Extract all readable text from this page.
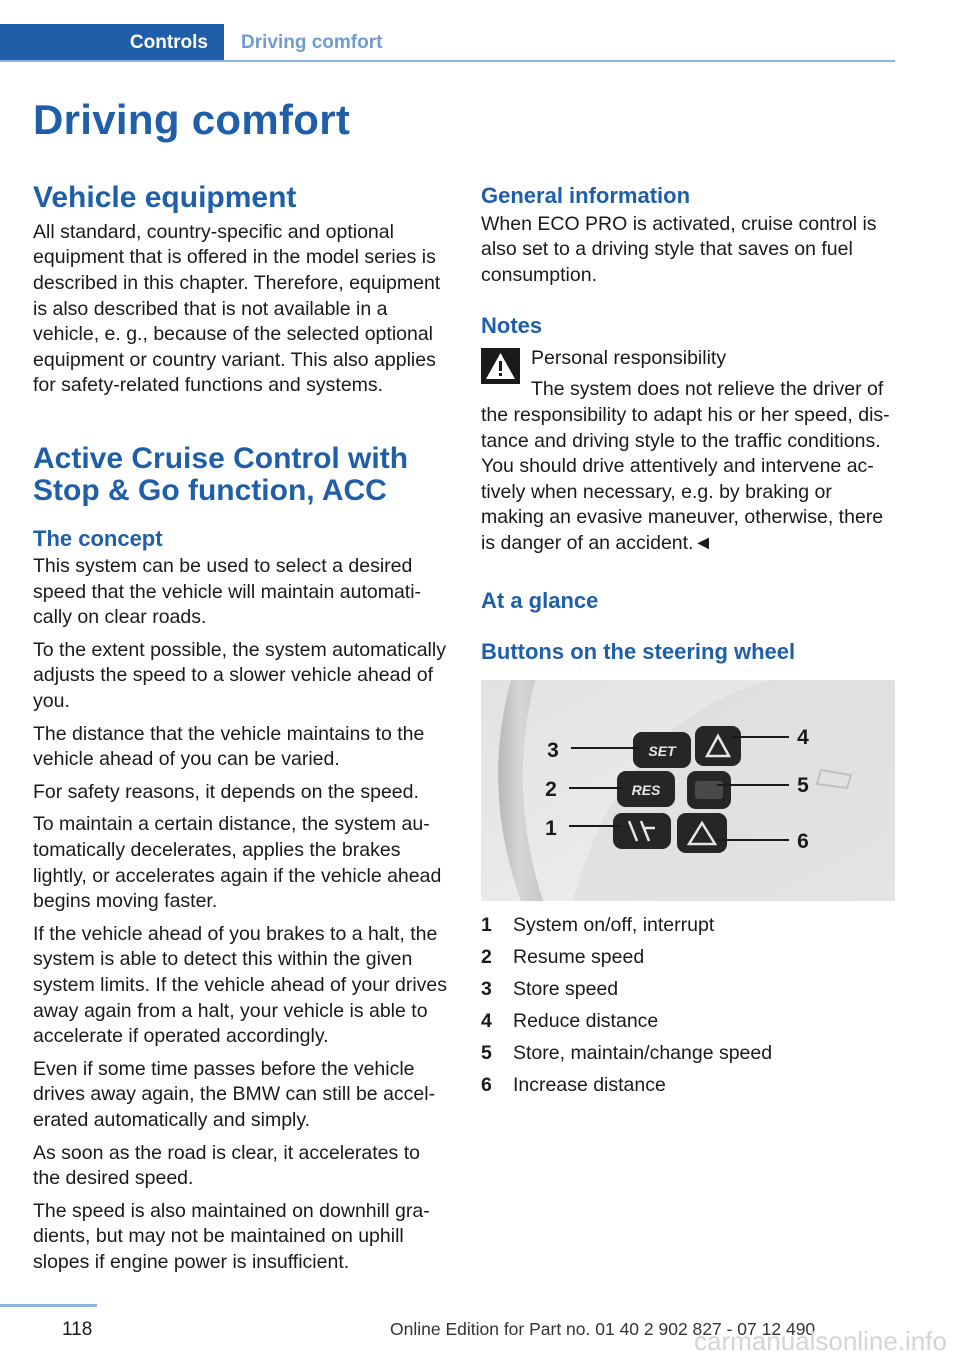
Controls	Driving comfort
Driving comfort
Vehicle equipment

All standard, country-specific and optional equipment that is offered in the model series is described in this chapter. Therefore, equipment is also described that is not available in a vehicle, e. g., because of the selected optional equipment or country variant. This also applies for safety-related functions and systems.

Active Cruise Control with Stop & Go function, ACC
The concept

This system can be used to select a desired speed that the vehicle will maintain automatically on clear roads.

To the extent possible, the system automatically adjusts the speed to a slower vehicle ahead of you.

The distance that the vehicle maintains to the vehicle ahead of you can be varied.

For safety reasons, it depends on the speed.

To maintain a certain distance, the system automatically decelerates, applies the brakes lightly, or accelerates again if the vehicle ahead begins moving faster.

If the vehicle ahead of you brakes to a halt, the system is able to detect this within the given system limits. If the vehicle ahead of your drives away again from a halt, your vehicle is able to accelerate if operated accordingly.

Even if some time passes before the vehicle drives away again, the BMW can still be accelerated automatically and simply.

As soon as the road is clear, it accelerates to the desired speed.

The speed is also maintained on downhill gradients, but may not be maintained on uphill slopes if engine power is insufficient.

General information

When ECO PRO is activated, cruise control is also set to a driving style that saves on fuel consumption.

Notes

Personal responsibility

The system does not relieve the driver of

the responsibility to adapt his or her speed, distance and driving style to the traffic conditions. You should drive attentively and intervene actively when necessary, e.g. by braking or making an evasive maneuver, otherwise, there is danger of an accident.◄

At a glance
Buttons on the steering wheel
SET
RES
3
2
1
4
5
6
1	System on/off, interrupt
2	Resume speed
3	Store speed
4	Reduce distance
5	Store, maintain/change speed
6	Increase distance
118	Online Edition for Part no. 01 40 2 902 827 - 07 12 490
carmanualsonline.info
